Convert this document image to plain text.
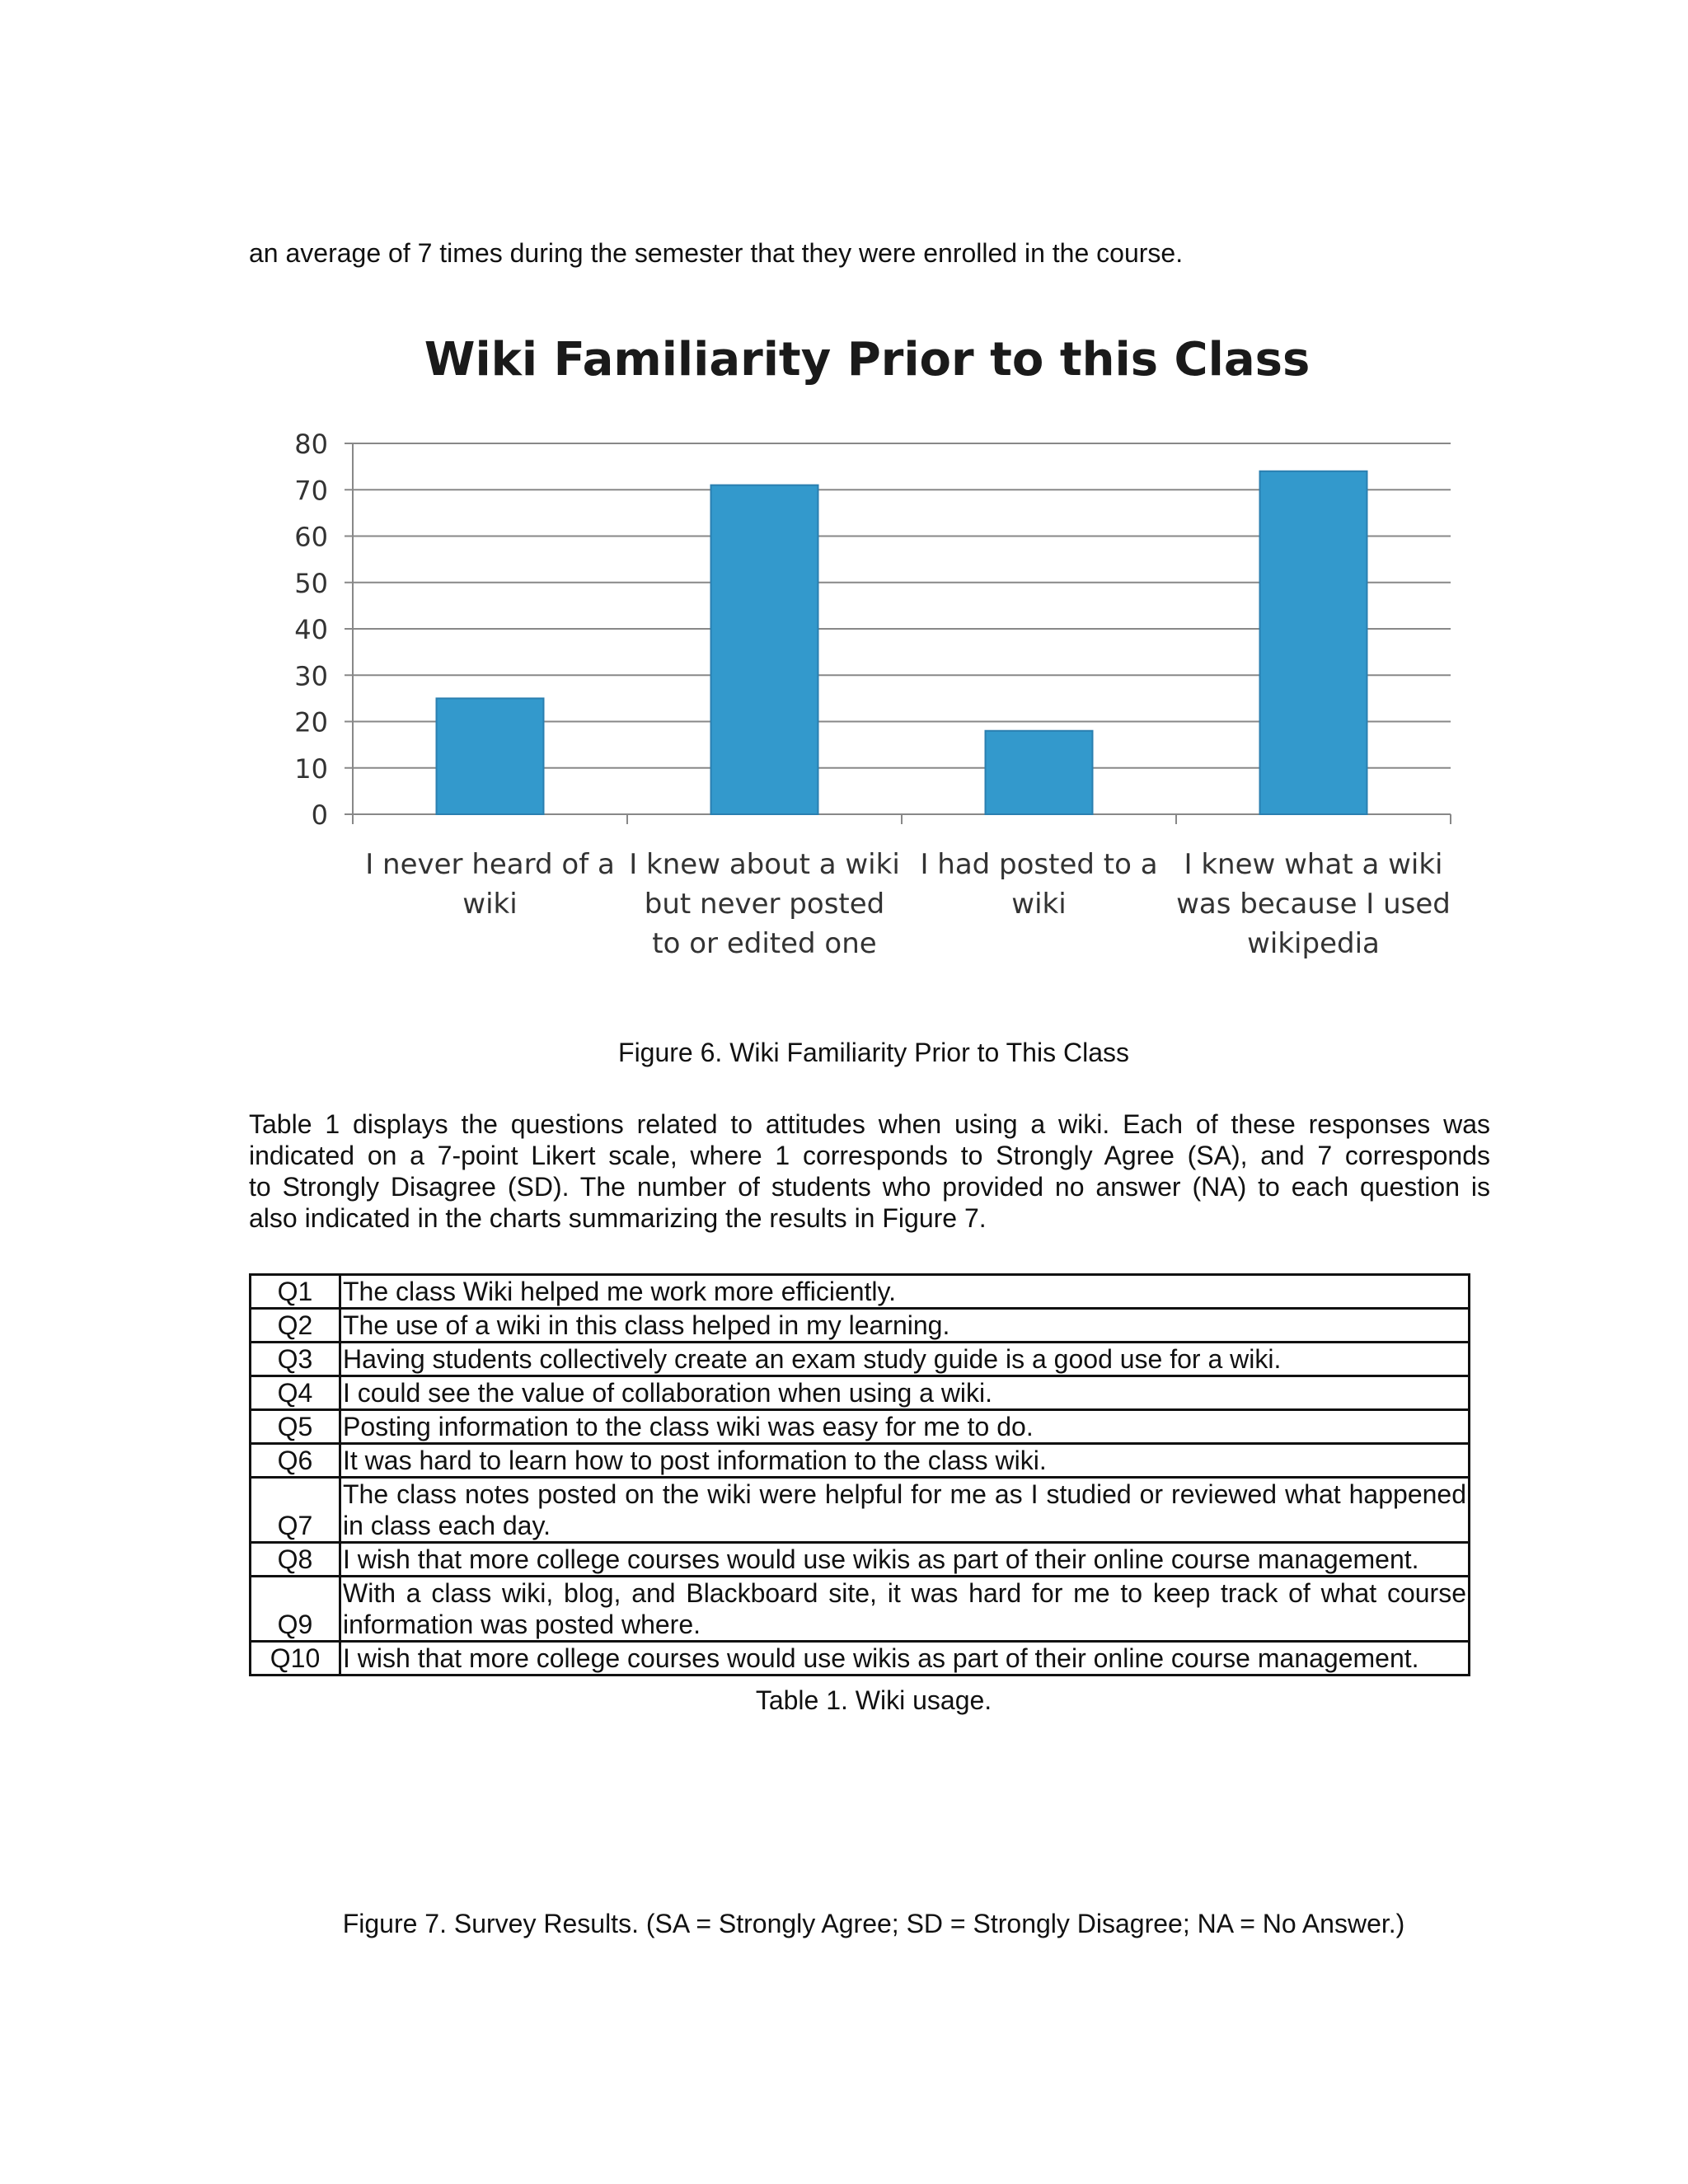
an average of 7 times during the semester that they were enrolled in the course.
Wiki Familiarity Prior to this Class
0
10
20
30
40
50
60
70
80
I never heard of a wiki
I knew about a wiki but never posted to or edited one
I had posted to a wiki
I knew what a wiki was because I used wikipedia
Figure 6. Wiki Familiarity Prior to This Class
Table 1 displays the questions related to attitudes when using a wiki. Each of these responses was
indicated on a 7-point Likert scale, where 1 corresponds to Strongly Agree (SA), and 7 corresponds
to Strongly Disagree (SD). The number of students who provided no answer (NA) to each question is
also indicated in the charts summarizing the results in Figure 7.
Q1	The class Wiki helped me work more efficiently.
Q2	The use of a wiki in this class helped in my learning.
Q3	Having students collectively create an exam study guide is a good use for a wiki.
Q4	I could see the value of collaboration when using a wiki.
Q5	Posting information to the class wiki was easy for me to do.
Q6	It was hard to learn how to post information to the class wiki.
Q7	The class notes posted on the wiki were helpful for me as I studied or reviewed what happened in class each day.
Q8	I wish that more college courses would use wikis as part of their online course management.
Q9	With a class wiki, blog, and Blackboard site, it was hard for me to keep track of what course information was posted where.
Q10	I wish that more college courses would use wikis as part of their online course management.
Table 1. Wiki usage.
Figure 7. Survey Results. (SA = Strongly Agree; SD = Strongly Disagree; NA = No Answer.)
